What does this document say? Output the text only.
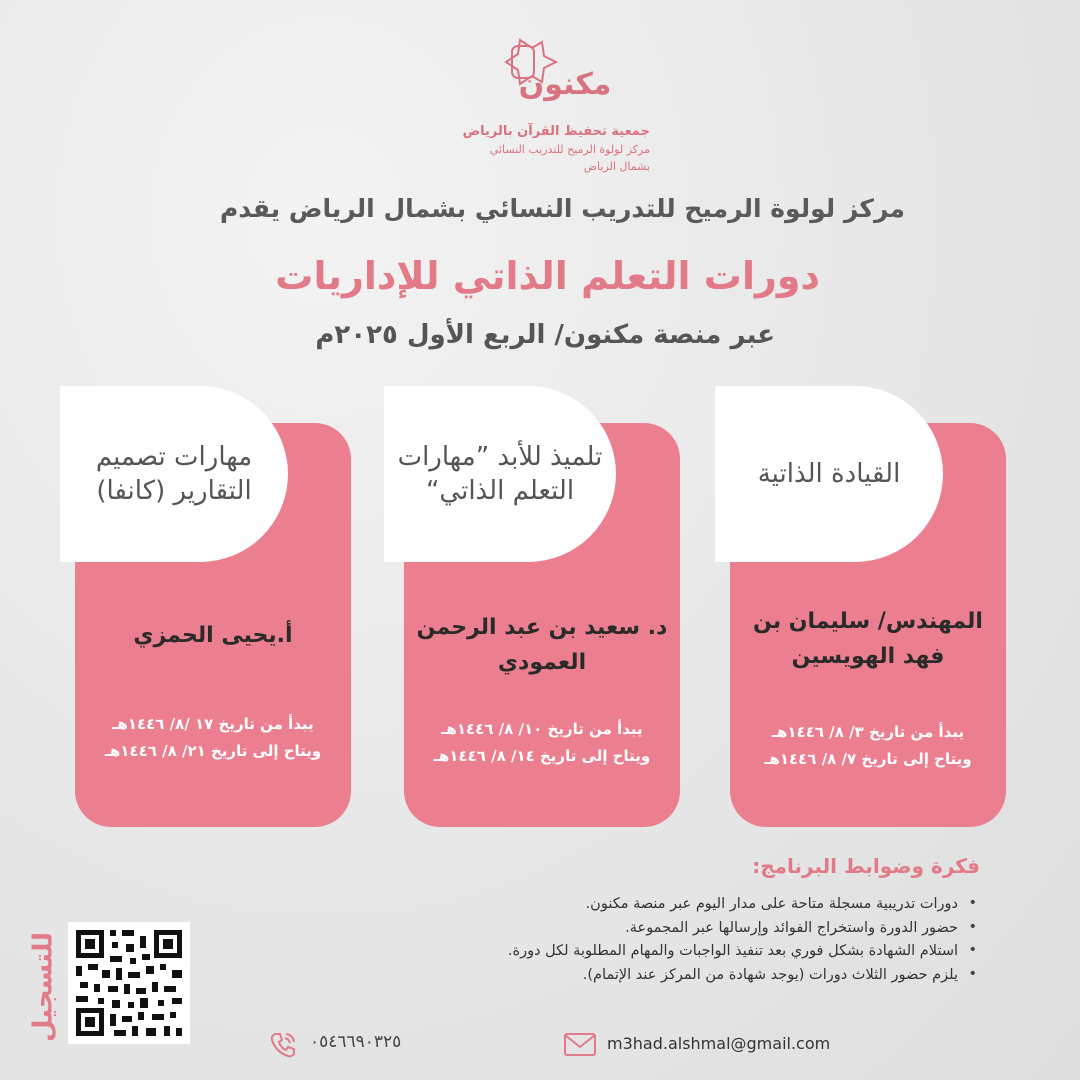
مكنون
جمعية تحفيظ القرآن بالرياض
مركز لولوة الرميح للتدريب النسائي
بشمال الرياض
مركز لولوة الرميح للتدريب النسائي بشمال الرياض يقدم
دورات التعلم الذاتي للإداريات
عبر منصة مكنون/ الربع الأول ٢٠٢٥م
القيادة الذاتية
المهندس/ سليمان بن فهد الهويسين
يبدأ من تاريخ ٣/ ٨/ ١٤٤٦هـ
ويتاح إلى تاريخ ٧/ ٨/ ١٤٤٦هـ
تلميذ للأبد ”مهارات التعلم الذاتي“
د. سعيد بن عبد الرحمن العمودي
يبدأ من تاريخ ١٠/ ٨/ ١٤٤٦هـ
ويتاح إلى تاريخ ١٤/ ٨/ ١٤٤٦هـ
مهارات تصميم التقارير (كانفا)
أ.يحيى الحمزي
يبدأ من تاريخ ١٧ /٨/ ١٤٤٦هـ
ويتاح إلى تاريخ ٢١/ ٨/ ١٤٤٦هـ
فكرة وضوابط البرنامج:
• دورات تدريبية مسجلة متاحة على مدار اليوم عبر منصة مكنون.
• حضور الدورة واستخراج الفوائد وإرسالها عبر المجموعة.
• استلام الشهادة بشكل فوري بعد تنفيذ الواجبات والمهام المطلوبة لكل دورة.
• يلزم حضور الثلاث دورات (يوجد شهادة من المركز عند الإتمام).
للتسجيل	٠٥٤٦٦٩٠٣٢٥	m3had.alshmal@gmail.com
